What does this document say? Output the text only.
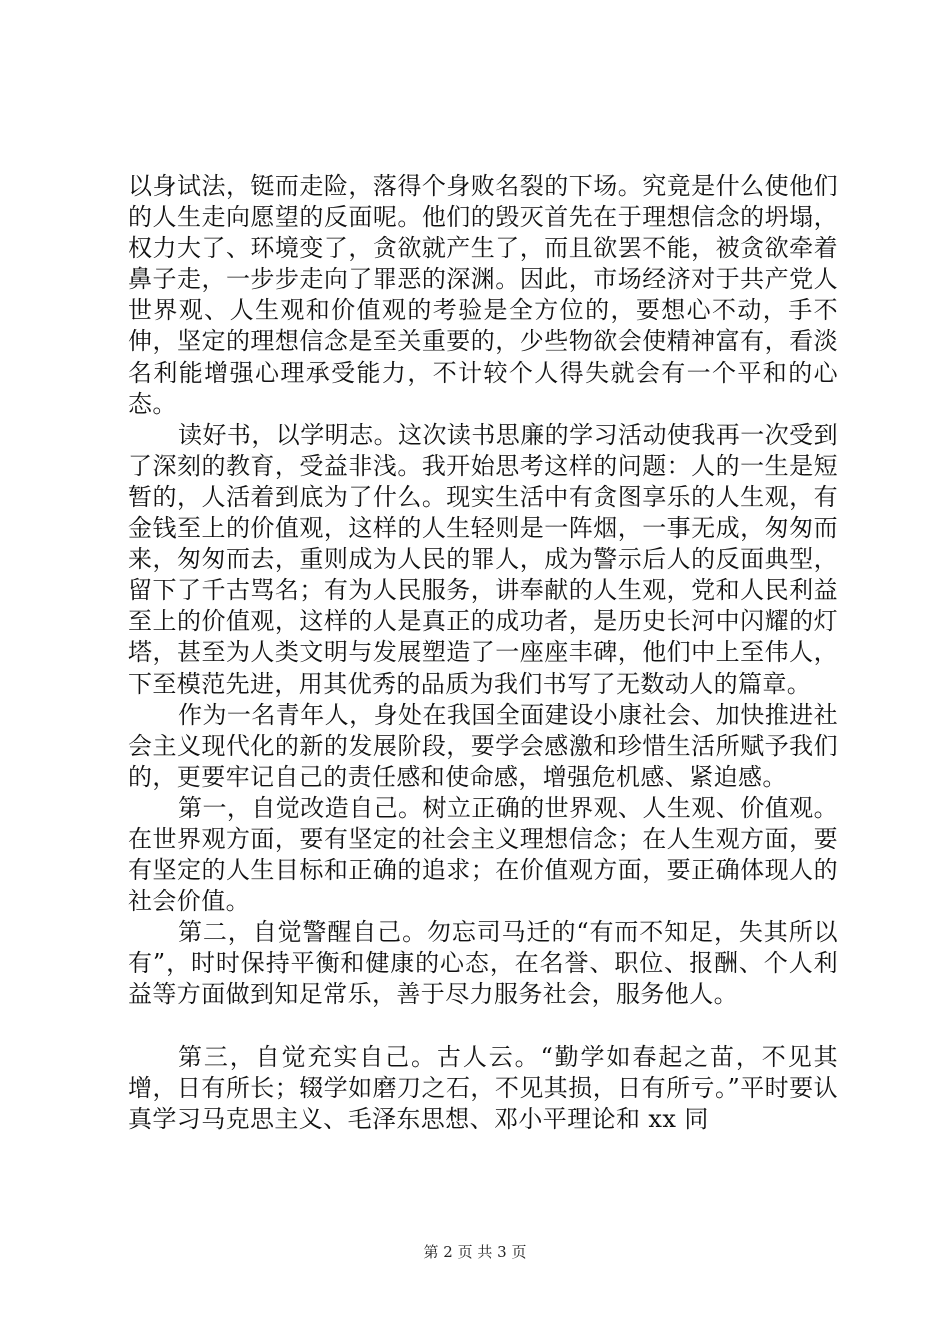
以身试法，铤而走险，落得个身败名裂的下场。究竟是什么使他们的人生走向愿望的反面呢。他们的毁灭首先在于理想信念的坍塌，权力大了、环境变了，贪欲就产生了，而且欲罢不能，被贪欲牵着鼻子走，一步步走向了罪恶的深渊。因此，市场经济对于共产党人世界观、人生观和价值观的考验是全方位的，要想心不动，手不伸，坚定的理想信念是至关重要的，少些物欲会使精神富有，看淡名利能增强心理承受能力，不计较个人得失就会有一个平和的心态。

读好书，以学明志。这次读书思廉的学习活动使我再一次受到了深刻的教育，受益非浅。我开始思考这样的问题：人的一生是短暂的，人活着到底为了什么。现实生活中有贪图享乐的人生观，有金钱至上的价值观，这样的人生轻则是一阵烟，一事无成，匆匆而来，匆匆而去，重则成为人民的罪人，成为警示后人的反面典型，留下了千古骂名；有为人民服务，讲奉献的人生观，党和人民利益至上的价值观，这样的人是真正的成功者，是历史长河中闪耀的灯塔，甚至为人类文明与发展塑造了一座座丰碑，他们中上至伟人，下至模范先进，用其优秀的品质为我们书写了无数动人的篇章。

作为一名青年人，身处在我国全面建设小康社会、加快推进社会主义现代化的新的发展阶段，要学会感激和珍惜生活所赋予我们的，更要牢记自己的责任感和使命感，增强危机感、紧迫感。

第一，自觉改造自己。树立正确的世界观、人生观、价值观。在世界观方面，要有坚定的社会主义理想信念；在人生观方面，要有坚定的人生目标和正确的追求；在价值观方面，要正确体现人的社会价值。

第二，自觉警醒自己。勿忘司马迁的“有而不知足，失其所以有”，时时保持平衡和健康的心态，在名誉、职位、报酬、个人利益等方面做到知足常乐，善于尽力服务社会，服务他人。

第三，自觉充实自己。古人云。“勤学如春起之苗，不见其增，日有所长；辍学如磨刀之石，不见其损，日有所亏。”平时要认真学习马克思主义、毛泽东思想、邓小平理论和 xx 同

第 2 页 共 3 页
